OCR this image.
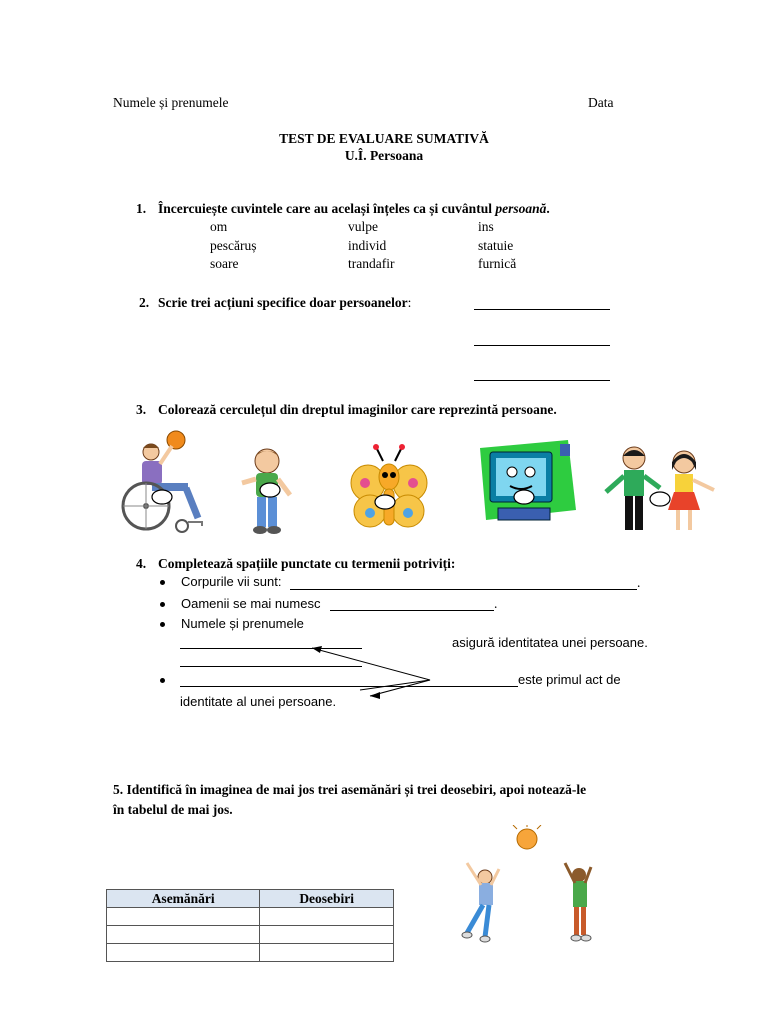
Numele și prenumele	Data
TEST DE EVALUARE SUMATIVĂ
U.Î. Persoana
1. Încercuiește cuvintele care au același înțeles ca și cuvântul persoană.
om	vulpe	ins
pescăruș	individ	statuie
soare	trandafir	furnică
2. Scrie trei acțiuni specifice doar persoanelor:
3. Colorează cerculețul din dreptul imaginilor care reprezintă persoane.
4. Completează spațiile punctate cu termenii potriviți:
Corpurile vii sunt:	.
Oamenii se mai numesc	.
Numele și prenumele
asigură identitatea unei persoane.
este primul act de
identitate al unei persoane.
5. Identifică în imaginea de mai jos trei asemănări și trei deosebiri, apoi notează-le
în tabelul de mai jos.
Asemănări	Deosebiri
